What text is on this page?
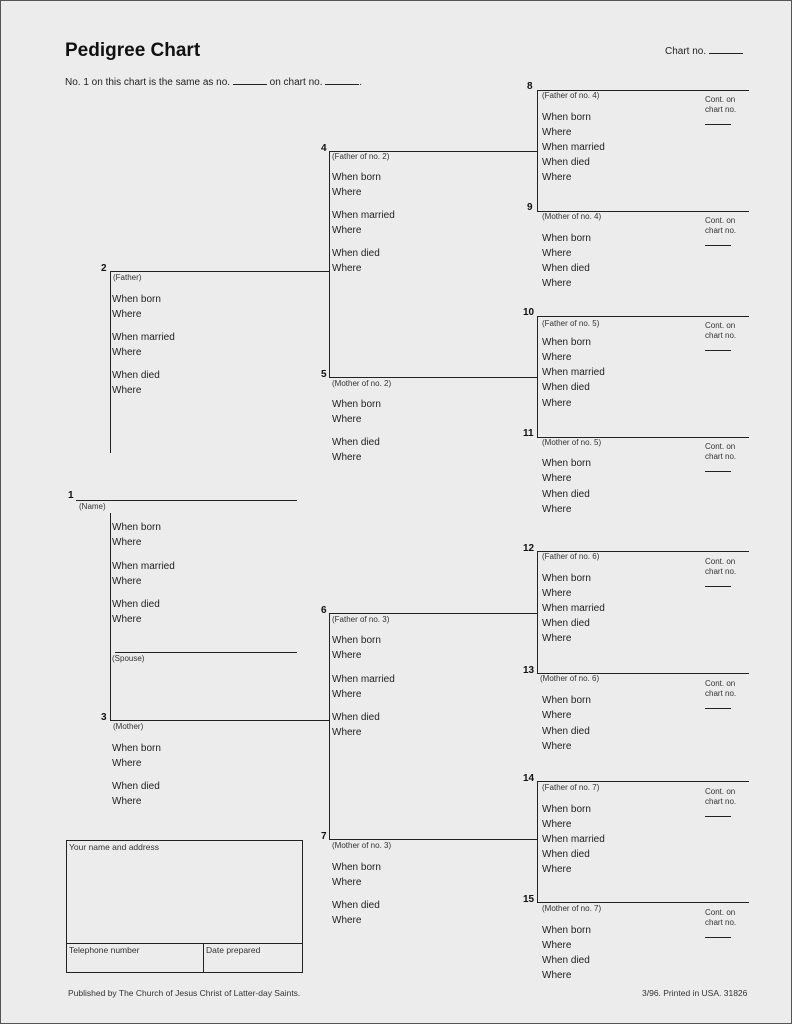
Pedigree Chart	Chart no.
No. 1 on this chart is the same as no.	on chart no.	.
1
(Name)
When born
Where
When married
Where
When died
Where
(Spouse)
2
(Father)
When born
Where
When married
Where
When died
Where
3
(Mother)
When born
Where
When died
Where
4
(Father of no. 2)
When born
Where
When married
Where
When died
Where
5
(Mother of no. 2)
When born
Where
When died
Where
6
(Father of no. 3)
When born
Where
When married
Where
When died
Where
7
(Mother of no. 3)
When born
Where
When died
Where
8
(Father of no. 4)
When born
Where
When married
When died
Where
Cont. on
chart no.
9
(Mother of no. 4)
When born
Where
When died
Where
Cont. on
chart no.
10
(Father of no. 5)
When born
Where
When married
When died
Where
Cont. on
chart no.
11
(Mother of no. 5)
When born
Where
When died
Where
Cont. on
chart no.
12
(Father of no. 6)
When born
Where
When married
When died
Where
Cont. on
chart no.
13
(Mother of no. 6)
When born
Where
When died
Where
Cont. on
chart no.
14
(Father of no. 7)
When born
Where
When married
When died
Where
Cont. on
chart no.
15
(Mother of no. 7)
When born
Where
When died
Where
Cont. on
chart no.
Your name and address
Telephone number	Date prepared
Published by The Church of Jesus Christ of Latter-day Saints.	3/96. Printed in USA. 31826
